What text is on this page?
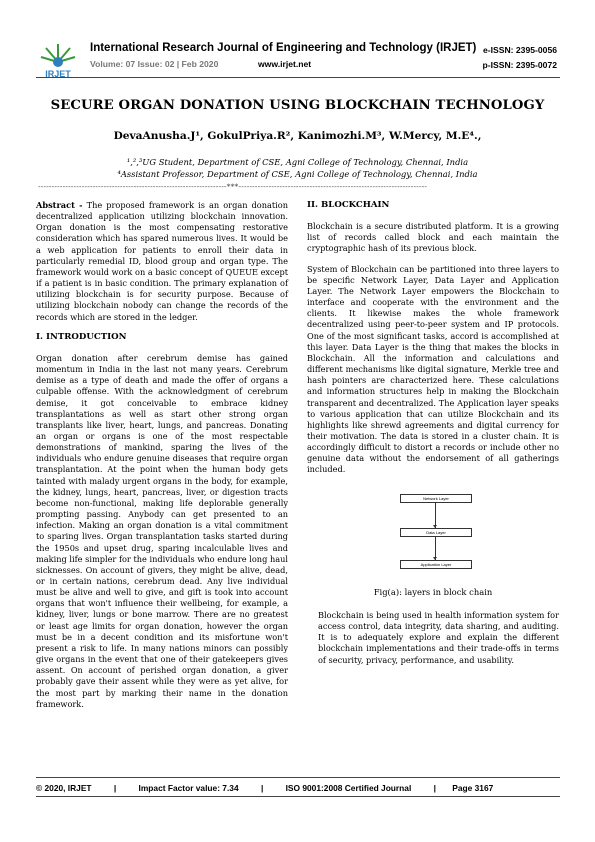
IRJET
International Research Journal of Engineering and Technology (IRJET)
Volume: 07 Issue: 02 | Feb 2020	www.irjet.net
e-ISSN: 2395-0056
p-ISSN: 2395-0072
SECURE ORGAN DONATION USING BLOCKCHAIN TECHNOLOGY
DevaAnusha.J¹, GokulPriya.R², Kanimozhi.M³, W.Mercy, M.E⁴.,
¹,²,³UG Student, Department of CSE, Agni College of Technology, Chennai, India
⁴Assistant Professor, Department of CSE, Agni College of Technology, Chennai, India
---------------------------------------------------------------------***---------------------------------------------------------------------

Abstract - The proposed framework is an organ donation decentralized application utilizing blockchain innovation. Organ donation is the most compensating restorative consideration which has spared numerous lives. It would be a web application for patients to enroll their data in particularly remedial ID, blood group and organ type. The framework would work on a basic concept of QUEUE except if a patient is in basic condition. The primary explanation of utilizing blockchain is for security purpose. Because of utilizing blockchain nobody can change the records of the records which are stored in the ledger.

I. INTRODUCTION

Organ donation after cerebrum demise has gained momentum in India in the last not many years. Cerebrum demise as a type of death and made the offer of organs a culpable offense. With the acknowledgment of cerebrum demise, it got conceivable to embrace kidney transplantations as well as start other strong organ transplants like liver, heart, lungs, and pancreas. Donating an organ or organs is one of the most respectable demonstrations of mankind, sparing the lives of the individuals who endure genuine diseases that require organ transplantation. At the point when the human body gets tainted with malady urgent organs in the body, for example, the kidney, lungs, heart, pancreas, liver, or digestion tracts become non-functional, making life deplorable generally prompting passing. Anybody can get presented to an infection. Making an organ donation is a vital commitment to sparing lives. Organ transplantation tasks started during the 1950s and upset drug, sparing incalculable lives and making life simpler for the individuals who endure long haul sicknesses. On account of givers, they might be alive, dead, or in certain nations, cerebrum dead. Any live individual must be alive and well to give, and gift is took into account organs that won't influence their wellbeing, for example, a kidney, liver, lungs or bone marrow. There are no greatest or least age limits for organ donation, however the organ must be in a decent condition and its misfortune won't present a risk to life. In many nations minors can possibly give organs in the event that one of their gatekeepers gives assent. On account of perished organ donation, a giver probably gave their assent while they were as yet alive, for the most part by marking their name in the donation framework.

II. BLOCKCHAIN

Blockchain is a secure distributed platform. It is a growing list of records called block and each maintain the cryptographic hash of its previous block.

System of Blockchain can be partitioned into three layers to be specific Network Layer, Data Layer and Application Layer. The Network Layer empowers the Blockchain to interface and cooperate with the environment and the clients. It likewise makes the whole framework decentralized using peer-to-peer system and IP protocols. One of the most significant tasks, accord is accomplished at this layer. Data Layer is the thing that makes the blocks in Blockchain. All the information and calculations and different mechanisms like digital signature, Merkle tree and hash pointers are characterized here. These calculations and information structures help in making the Blockchain transparent and decentralized. The Application layer speaks to various application that can utilize Blockchain and its highlights like shrewd agreements and digital currency for their motivation. The data is stored in a cluster chain. It is accordingly difficult to distort a records or include other no genuine data without the endorsement of all gatherings included.

Network Layer
Data Layer
Application Layer
Fig(a): layers in block chain

Blockchain is being used in health information system for access control, data integrity, data sharing, and auditing. It is to adequately explore and explain the different blockchain implementations and their trade-offs in terms of security, privacy, performance, and usability.

© 2020, IRJET	|	Impact Factor value: 7.34	|	ISO 9001:2008 Certified Journal	| Page 3167
